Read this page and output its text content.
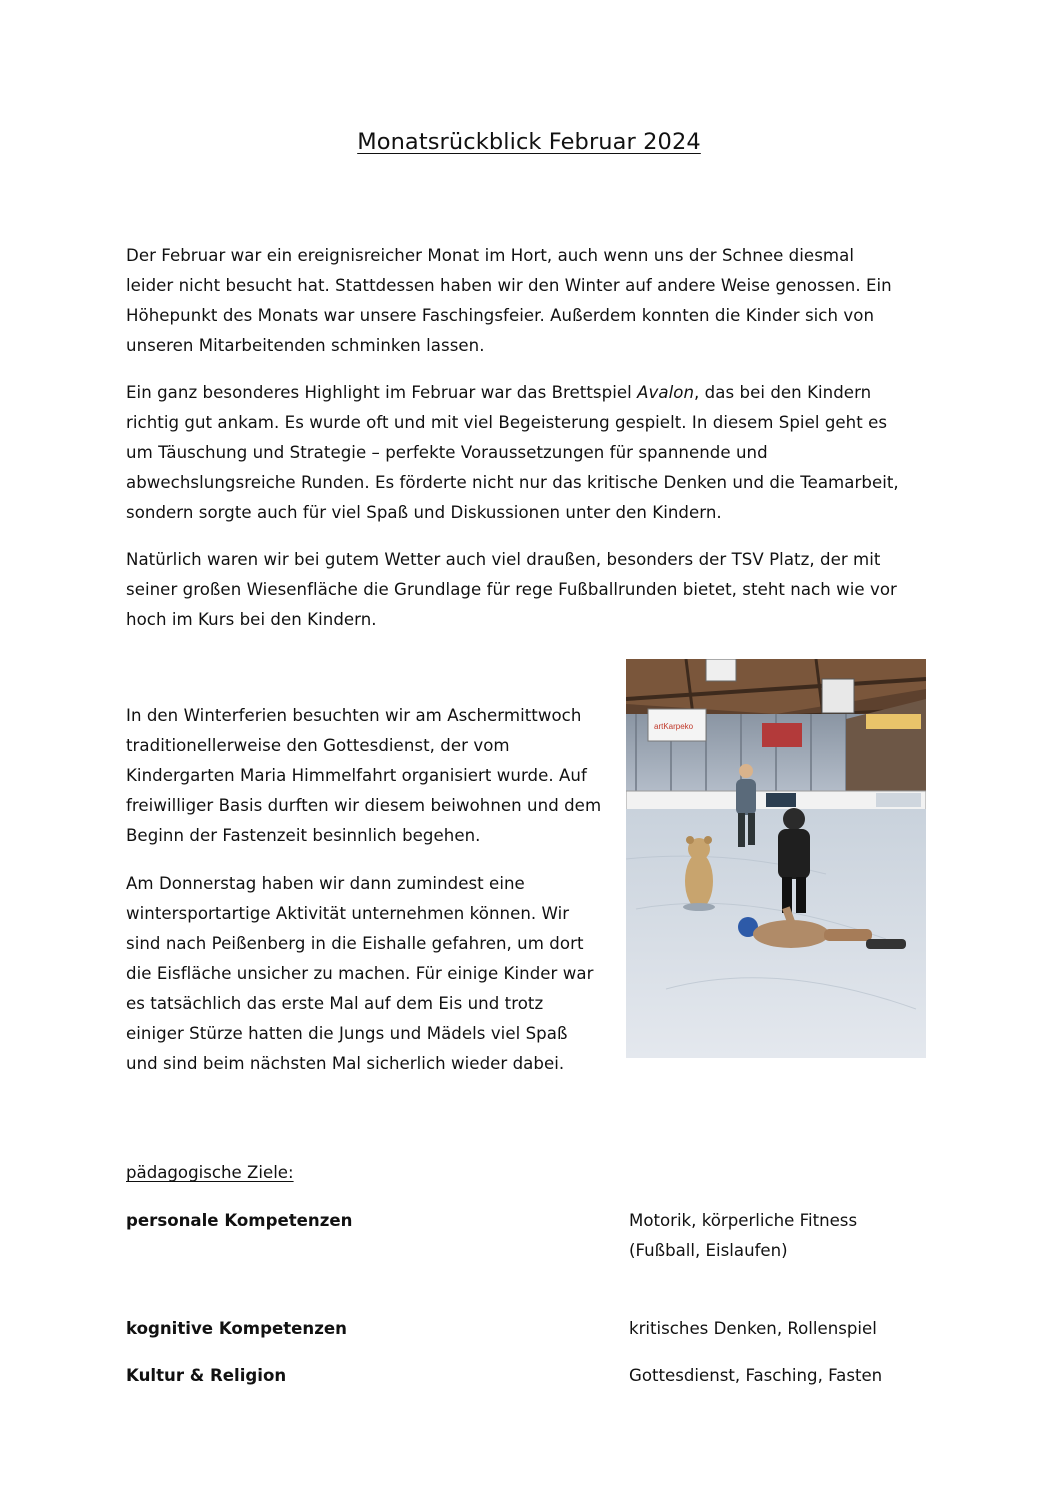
Monatsrückblick Februar 2024

Der Februar war ein ereignisreicher Monat im Hort, auch wenn uns der Schnee diesmal
leider nicht besucht hat. Stattdessen haben wir den Winter auf andere Weise genossen. Ein
Höhepunkt des Monats war unsere Faschingsfeier. Außerdem konnten die Kinder sich von
unseren Mitarbeitenden schminken lassen.

Ein ganz besonderes Highlight im Februar war das Brettspiel Avalon, das bei den Kindern
richtig gut ankam. Es wurde oft und mit viel Begeisterung gespielt. In diesem Spiel geht es
um Täuschung und Strategie – perfekte Voraussetzungen für spannende und
abwechslungsreiche Runden. Es förderte nicht nur das kritische Denken und die Teamarbeit,
sondern sorgte auch für viel Spaß und Diskussionen unter den Kindern.

Natürlich waren wir bei gutem Wetter auch viel draußen, besonders der TSV Platz, der mit
seiner großen Wiesenfläche die Grundlage für rege Fußballrunden bietet, steht nach wie vor
hoch im Kurs bei den Kindern.

In den Winterferien besuchten wir am Aschermittwoch
traditionellerweise den Gottesdienst, der vom
Kindergarten Maria Himmelfahrt organisiert wurde. Auf
freiwilliger Basis durften wir diesem beiwohnen und dem
Beginn der Fastenzeit besinnlich begehen.

Am Donnerstag haben wir dann zumindest eine
wintersportartige Aktivität unternehmen können. Wir
sind nach Peißenberg in die Eishalle gefahren, um dort
die Eisfläche unsicher zu machen. Für einige Kinder war
es tatsächlich das erste Mal auf dem Eis und trotz
einiger Stürze hatten die Jungs und Mädels viel Spaß
und sind beim nächsten Mal sicherlich wieder dabei.

artKarpeko
pädagogische Ziele:
personale Kompetenzen	Motorik, körperliche Fitness
(Fußball, Eislaufen)
kognitive Kompetenzen	kritisches Denken, Rollenspiel
Kultur & Religion	Gottesdienst, Fasching, Fasten
